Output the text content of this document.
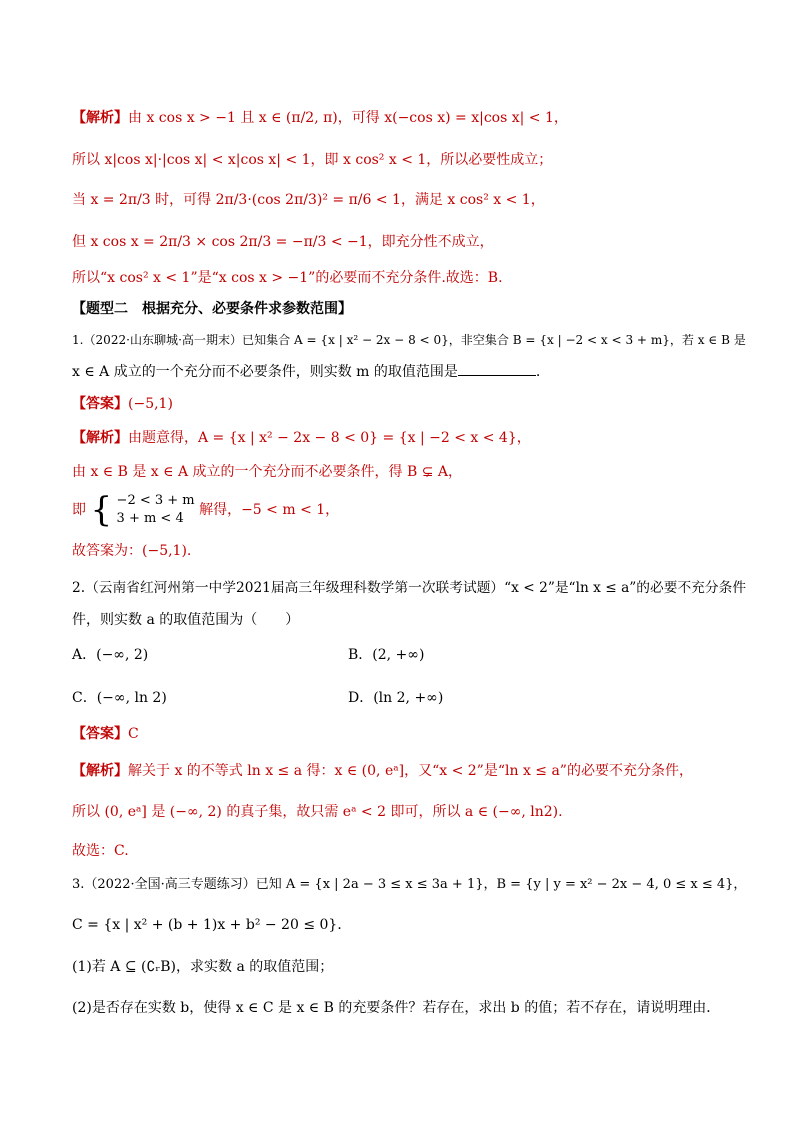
【解析】由 x cos x > −1 且 x ∈ (π/2, π)，可得 x(−cos x) = x|cos x| < 1，
所以 x|cos x|·|cos x| < x|cos x| < 1，即 x cos² x < 1，所以必要性成立；
当 x = 2π/3 时，可得 2π/3·(cos 2π/3)² = π/6 < 1，满足 x cos² x < 1，
但 x cos x = 2π/3 × cos 2π/3 = −π/3 < −1，即充分性不成立，
所以“x cos² x < 1”是“x cos x > −1”的必要而不充分条件.故选：B.
【题型二　根据充分、必要条件求参数范围】
1.（2022·山东聊城·高一期末）已知集合 A = {x | x² − 2x − 8 < 0}，非空集合 B = {x | −2 < x < 3 + m}，若 x ∈ B 是
x ∈ A 成立的一个充分而不必要条件，则实数 m 的取值范围是	.
【答案】(−5,1)
【解析】由题意得，A = {x | x² − 2x − 8 < 0} = {x | −2 < x < 4}，
由 x ∈ B 是 x ∈ A 成立的一个充分而不必要条件，得 B ⊊ A，
即 { −2 < 3 + m
3 + m < 4 解得，−5 < m < 1，
故答案为：(−5,1).
2.（云南省红河州第一中学2021届高三年级理科数学第一次联考试题）“x < 2”是“ln x ≤ a”的必要不充分条件
件，则实数 a 的取值范围为（　　）
A．(−∞, 2)	B．(2, +∞)
C．(−∞, ln 2)	D．(ln 2, +∞)
【答案】C
【解析】解关于 x 的不等式 ln x ≤ a 得：x ∈ (0, eᵃ]，又“x < 2”是“ln x ≤ a”的必要不充分条件，
所以 (0, eᵃ] 是 (−∞, 2) 的真子集，故只需 eᵃ < 2 即可，所以 a ∈ (−∞, ln2).
故选：C.
3.（2022·全国·高三专题练习）已知 A = {x | 2a − 3 ≤ x ≤ 3a + 1}，B = {y | y = x² − 2x − 4, 0 ≤ x ≤ 4}，
C = {x | x² + (b + 1)x + b² − 20 ≤ 0}．
(1)若 A ⊆ (∁ᵣB)，求实数 a 的取值范围；
(2)是否存在实数 b，使得 x ∈ C 是 x ∈ B 的充要条件？若存在，求出 b 的值；若不存在，请说明理由．
